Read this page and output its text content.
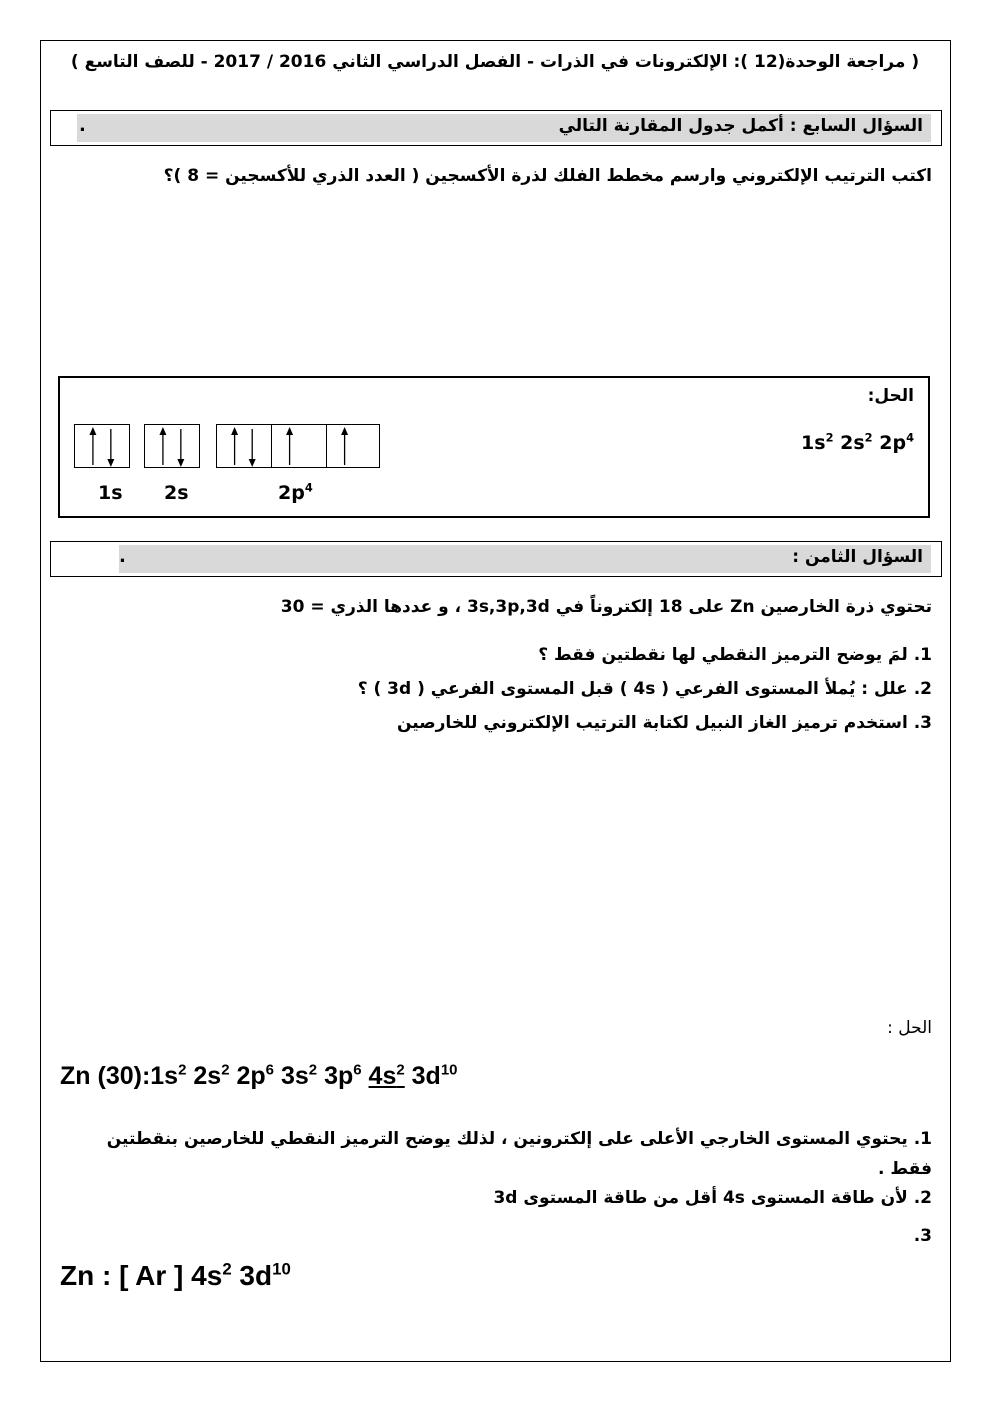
( مراجعة الوحدة(12 ): الإلكترونات في الذرات - الفصل الدراسي الثاني 2016 / 2017 - للصف التاسع )
السؤال السابع : أكمل جدول المقارنة التالي
.
اكتب الترتيب الإلكتروني وارسم مخطط الفلك لذرة الأكسجين ( العدد الذري للأكسجين = 8 )؟
الحل:
$1s^2$ $2s^2$ $2p^4$
1s 2s	$2p^4$
السؤال الثامن :
.
تحتوي ذرة الخارصين Zn على 18 إلكتروناً في 3s,3p,3d ، و عددها الذري = 30
1. لمَ يوضح الترميز النقطي لها نقطتين فقط ؟
2. علل : يُملأ المستوى الفرعي ( 4s ) قبل المستوى الفرعي ( 3d ) ؟
3. استخدم ترميز الغاز النبيل لكتابة الترتيب الإلكتروني للخارصين
الحل :
Zn $(30):1s^2$ $2s^2$ $2p^6$ $3s^2$ $3p^6$ $4s^2$ $3d^{10}$
1. يحتوي المستوى الخارجي الأعلى على إلكترونين ، لذلك يوضح الترميز النقطي للخارصين بنقطتين فقط .
2. لأن طاقة المستوى 4s أقل من طاقة المستوى 3d
3.
Zn : [ Ar ] $4s^2$ $3d^{10}$
